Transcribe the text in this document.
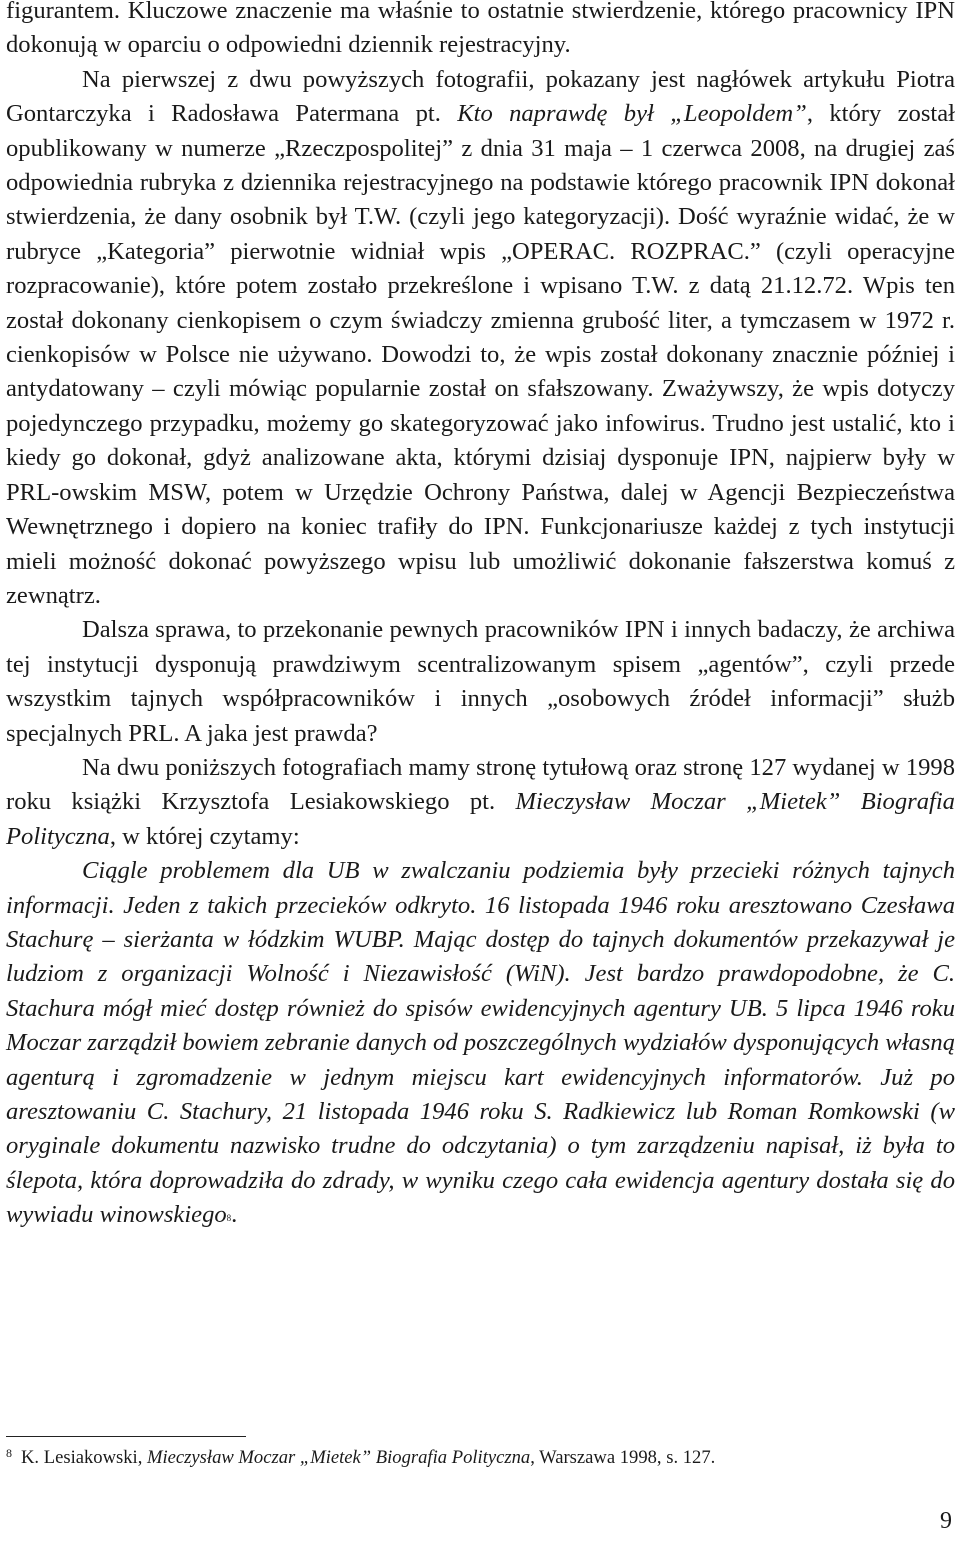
figurantem. Kluczowe znaczenie ma właśnie to ostatnie stwierdzenie, którego pracownicy IPN dokonują w oparciu o odpowiedni dziennik rejestracyjny.

Na pierwszej z dwu powyższych fotografii, pokazany jest nagłówek artykułu Piotra Gontarczyka i Radosława Patermana pt. Kto naprawdę był „Leopoldem”, który został opublikowany w numerze „Rzeczpospolitej” z dnia 31 maja – 1 czerwca 2008, na drugiej zaś odpowiednia rubryka z dziennika rejestracyjnego na podstawie którego pracownik IPN dokonał stwierdzenia, że dany osobnik był T.W. (czyli jego kategoryzacji). Dość wyraźnie widać, że w rubryce „Kategoria” pierwotnie widniał wpis „OPERAC. ROZPRAC.” (czyli operacyjne rozpracowanie), które potem zostało przekreślone i wpisano T.W. z datą 21.12.72. Wpis ten został dokonany cienkopisem o czym świadczy zmienna grubość liter, a tymczasem w 1972 r. cienkopisów w Polsce nie używano. Dowodzi to, że wpis został dokonany znacznie później i antydatowany – czyli mówiąc popularnie został on sfałszowany. Zważywszy, że wpis dotyczy pojedynczego przypadku, możemy go skategoryzować jako infowirus. Trudno jest ustalić, kto i kiedy go dokonał, gdyż analizowane akta, którymi dzisiaj dysponuje IPN, najpierw były w PRL-owskim MSW, potem w Urzędzie Ochrony Państwa, dalej w Agencji Bezpieczeństwa Wewnętrznego i dopiero na koniec trafiły do IPN. Funkcjonariusze każdej z tych instytucji mieli możność dokonać powyższego wpisu lub umożliwić dokonanie fałszerstwa komuś z zewnątrz.

Dalsza sprawa, to przekonanie pewnych pracowników IPN i innych badaczy, że archiwa tej instytucji dysponują prawdziwym scentralizowanym spisem „agentów”, czyli przede wszystkim tajnych współpracowników i innych „osobowych źródeł informacji” służb specjalnych PRL. A jaka jest prawda?

Na dwu poniższych fotografiach mamy stronę tytułową oraz stronę 127 wydanej w 1998 roku książki Krzysztofa Lesiakowskiego pt. Mieczysław Moczar „Mietek” Biografia Polityczna, w której czytamy:

Ciągle problemem dla UB w zwalczaniu podziemia były przecieki różnych tajnych informacji. Jeden z takich przecieków odkryto. 16 listopada 1946 roku aresztowano Czesława Stachurę – sierżanta w łódzkim WUBP. Mając dostęp do tajnych dokumentów przekazywał je ludziom z organizacji Wolność i Niezawisłość (WiN). Jest bardzo prawdopodobne, że C. Stachura mógł mieć dostęp również do spisów ewidencyjnych agentury UB. 5 lipca 1946 roku Moczar zarządził bowiem zebranie danych od poszczególnych wydziałów dysponujących własną agenturą i zgromadzenie w jednym miejscu kart ewidencyjnych informatorów. Już po aresztowaniu C. Stachury, 21 listopada 1946 roku S. Radkiewicz lub Roman Romkowski (w oryginale dokumentu nazwisko trudne do odczytania) o tym zarządzeniu napisał, iż była to ślepota, która doprowadziła do zdrady, w wyniku czego cała ewidencja agentury dostała się do wywiadu winowskiego8.

$^8$ K. Lesiakowski, Mieczysław Moczar „Mietek” Biografia Polityczna, Warszawa 1998, s. 127.
9
